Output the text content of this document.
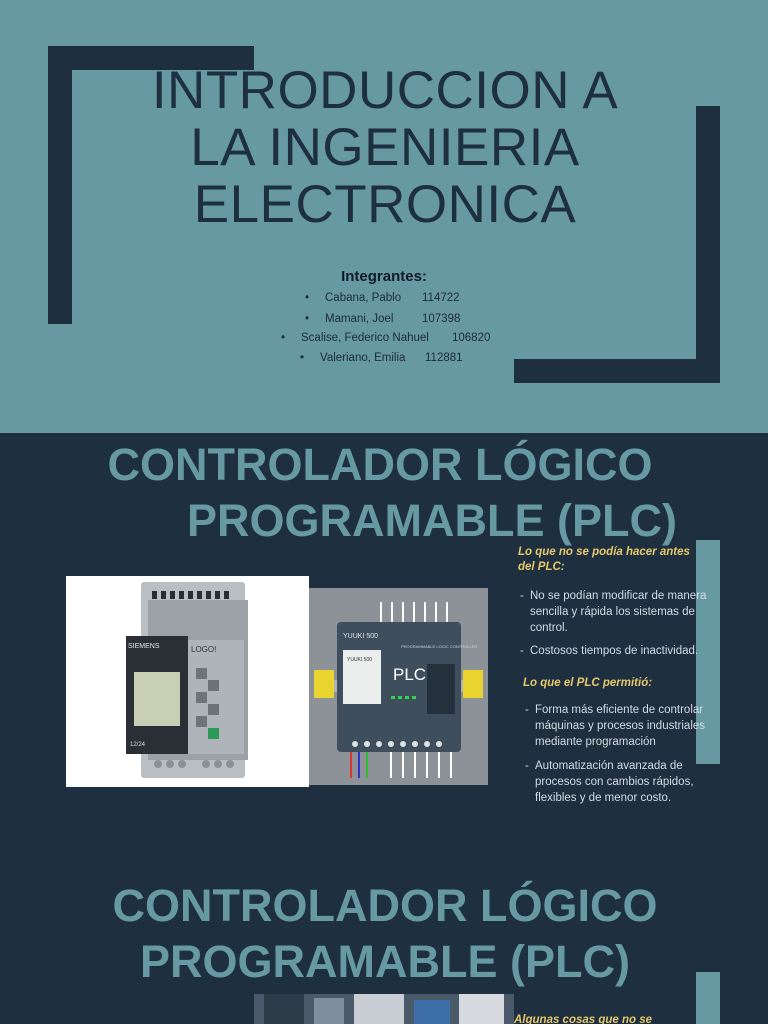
INTRODUCCION A
LA INGENIERIA
ELECTRONICA
Integrantes:
• Cabana, Pablo 114722
• Mamani, Joel 107398
• Scalise, Federico Nahuel 106820
• Valeriano, Emilia 112881
CONTROLADOR LÓGICO
PROGRAMABLE (PLC)
SIEMENS	LOGO!
12/24
YUUKI 500
PROGRAMMABLE LOGIC CONTROLLER
YUUKI 500
PLC
Lo que no se podía hacer antes del PLC:
- No se podían modificar de manera sencilla y rápida los sistemas de control.
- Costosos tiempos de inactividad.
Lo que el PLC permitió:
- Forma más eficiente de controlar máquinas y procesos industriales mediante programación
- Automatización avanzada de procesos con cambios rápidos, flexibles y de menor costo.
CONTROLADOR LÓGICO
PROGRAMABLE (PLC)
Algunas cosas que no se
